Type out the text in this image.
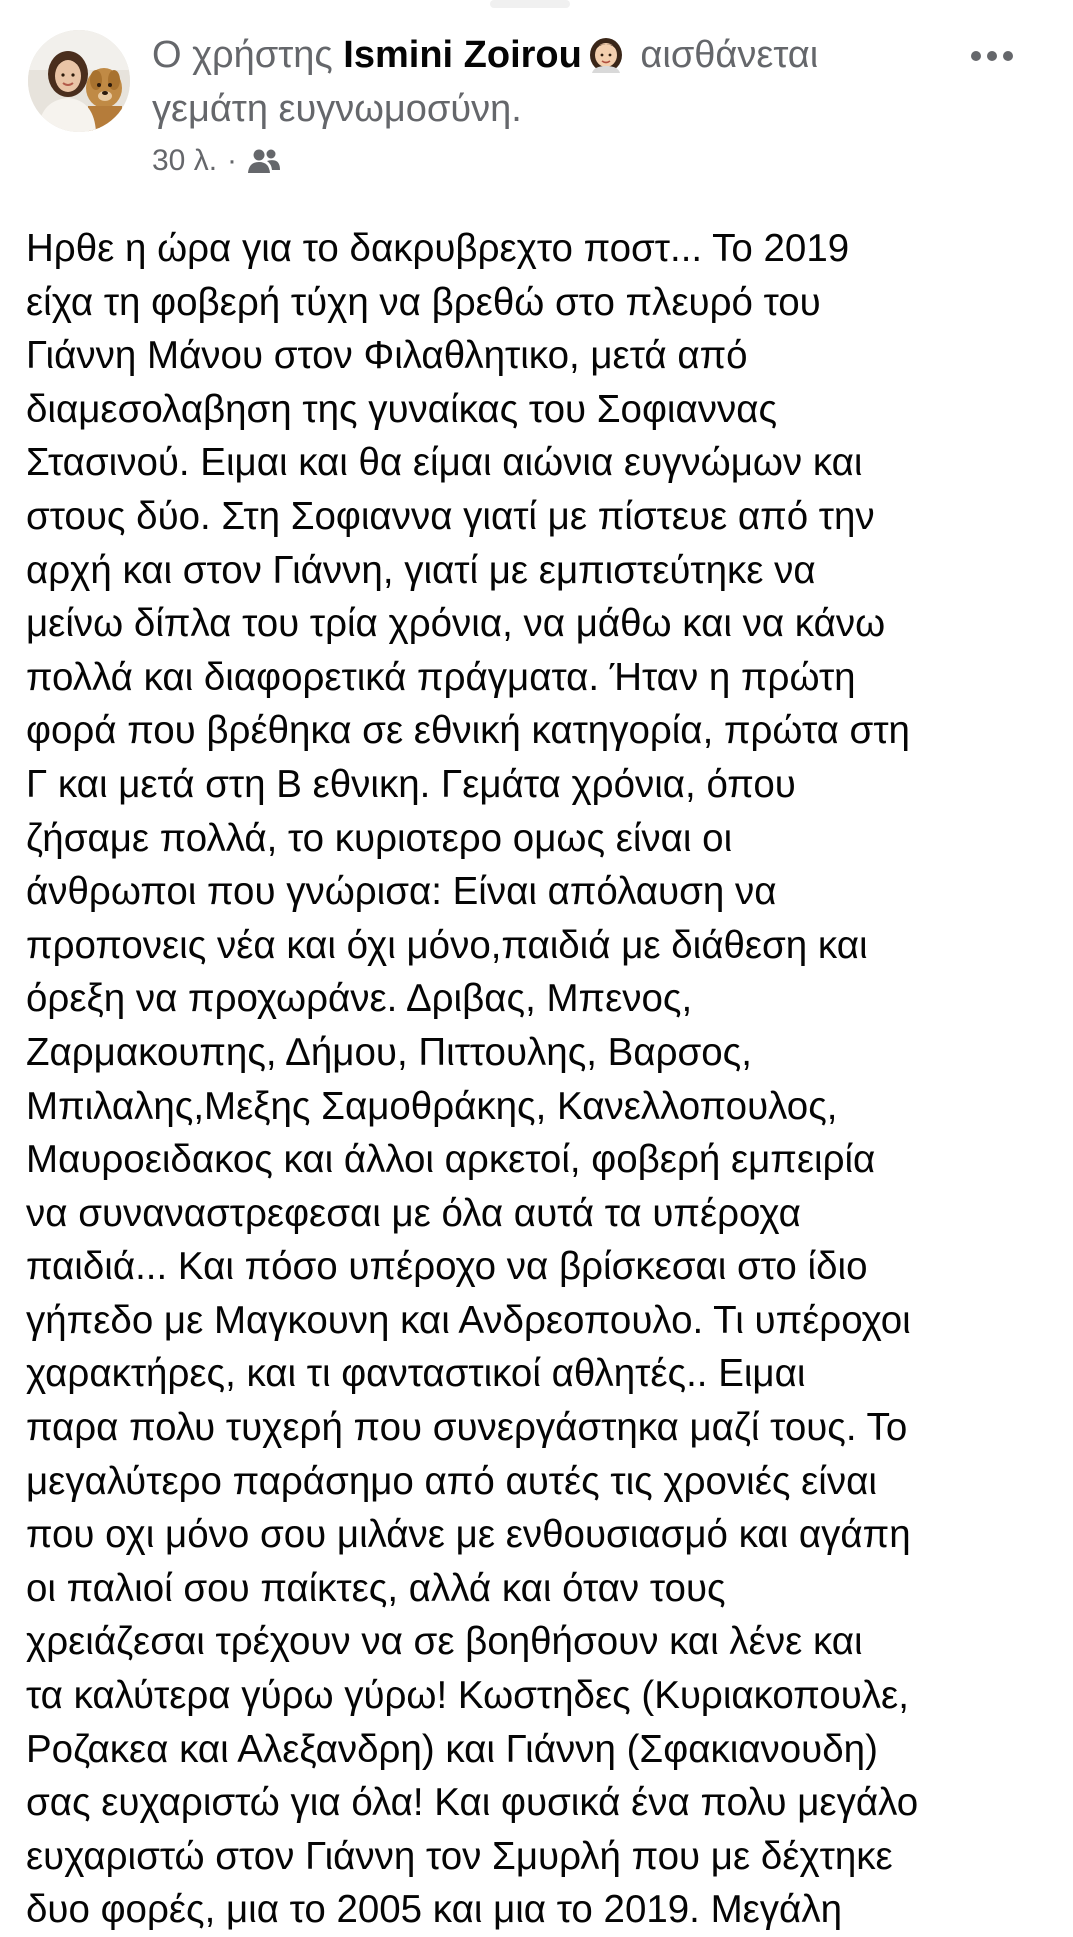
Ο χρήστης Ismini Zoirou αισθάνεται γεμάτη ευγνωμοσύνη.
30 λ. ·
Ηρθε η ώρα για το δακρυβρεχτο ποστ... Το 2019
είχα τη φοβερή τύχη να βρεθώ στο πλευρό του
Γιάννη Μάνου στον Φιλαθλητικο, μετά από
διαμεσολαβηση της γυναίκας του Σοφιαννας
Στασινού. Ειμαι και θα είμαι αιώνια ευγνώμων και
στους δύο. Στη Σοφιαννα γιατί με πίστευε από την
αρχή και στον Γιάννη, γιατί με εμπιστεύτηκε να
μείνω δίπλα του τρία χρόνια, να μάθω και να κάνω
πολλά και διαφορετικά πράγματα. Ήταν η πρώτη
φορά που βρέθηκα σε εθνική κατηγορία, πρώτα στη
Γ και μετά στη Β εθνικη. Γεμάτα χρόνια, όπου
ζήσαμε πολλά, το κυριοτερο ομως είναι οι
άνθρωποι που γνώρισα: Είναι απόλαυση να
προπονεις νέα και όχι μόνο,παιδιά με διάθεση και
όρεξη να προχωράνε. Δριβας, Μπενος,
Ζαρμακουπης, Δήμου, Πιττουλης, Βαρσος,
Μπιλαλης,Μεξης Σαμοθράκης, Κανελλοπουλος,
Μαυροειδακος και άλλοι αρκετοί, φοβερή εμπειρία
να συναναστρεφεσαι με όλα αυτά τα υπέροχα
παιδιά... Και πόσο υπέροχο να βρίσκεσαι στο ίδιο
γήπεδο με Μαγκουνη και Ανδρεοπουλο. Τι υπέροχοι
χαρακτήρες, και τι φανταστικοί αθλητές.. Ειμαι
παρα πολυ τυχερή που συνεργάστηκα μαζί τους. Το
μεγαλύτερο παράσημο από αυτές τις χρονιές είναι
που οχι μόνο σου μιλάνε με ενθουσιασμό και αγάπη
οι παλιοί σου παίκτες, αλλά και όταν τους
χρειάζεσαι τρέχουν να σε βοηθήσουν και λένε και
τα καλύτερα γύρω γύρω! Κωστηδες (Κυριακοπουλε,
Ροζακεα και Αλεξανδρη) και Γιάννη (Σφακιανουδη)
σας ευχαριστώ για όλα! Και φυσικά ένα πολυ μεγάλο
ευχαριστώ στον Γιάννη τον Σμυρλή που με δέχτηκε
δυο φορές, μια το 2005 και μια το 2019. Μεγάλη
